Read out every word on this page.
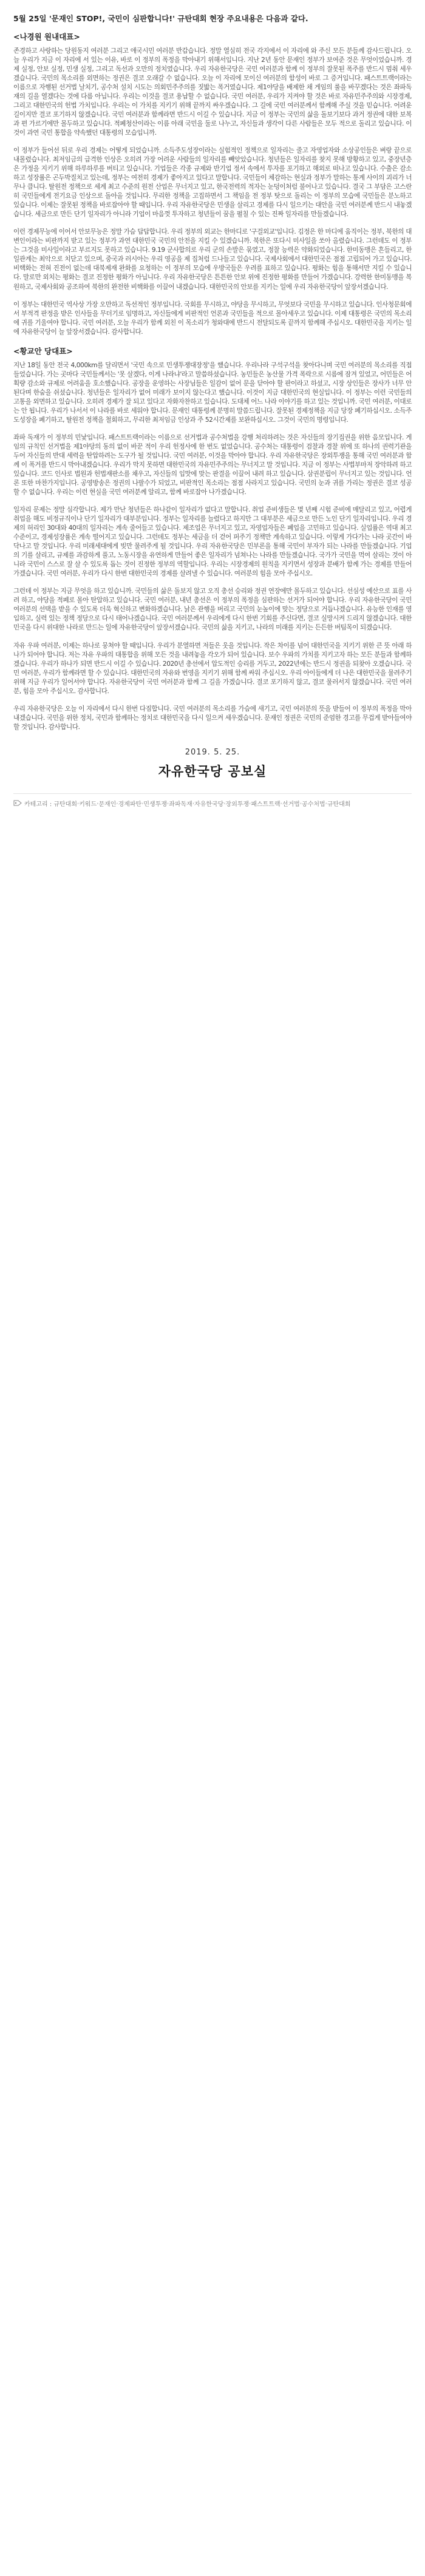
5월 25일 '문재인 STOP!, 국민이 심판합니다!' 규탄대회 현장 주요내용은 다음과 같다.

<나경원 원내대표>

존경하고 사랑하는 당원동지 여러분 그리고 애국시민 여러분 반갑습니다. 정말 열심히 전국 각지에서 이 자리에 와 주신 모든 분들께 감사드립니다. 오늘 우리가 지금 이 자리에 서 있는 이유, 바로 이 정부의 폭정을 막아내기 위해서입니다. 지난 2년 동안 문재인 정부가 보여준 것은 무엇이었습니까. 경제 실정, 안보 실정, 민생 실정, 그리고 독선과 오만의 정치였습니다. 우리 자유한국당은 국민 여러분과 함께 이 정부의 잘못된 폭주를 반드시 멈춰 세우겠습니다. 국민의 목소리를 외면하는 정권은 결코 오래갈 수 없습니다. 오늘 이 자리에 모이신 여러분의 함성이 바로 그 증거입니다. 패스트트랙이라는 이름으로 자행된 선거법 날치기, 공수처 설치 시도는 의회민주주의를 짓밟는 폭거였습니다. 제1야당을 배제한 채 게임의 룰을 바꾸겠다는 것은 좌파독재의 길을 열겠다는 것에 다름 아닙니다. 우리는 이것을 결코 용납할 수 없습니다. 국민 여러분, 우리가 지켜야 할 것은 바로 자유민주주의와 시장경제, 그리고 대한민국의 헌법 가치입니다. 우리는 이 가치를 지키기 위해 끝까지 싸우겠습니다. 그 길에 국민 여러분께서 함께해 주실 것을 믿습니다. 어려운 길이지만 결코 포기하지 않겠습니다. 국민 여러분과 함께라면 반드시 이길 수 있습니다. 지금 이 정부는 국민의 삶을 돌보기보다 과거 정권에 대한 보복과 편 가르기에만 몰두하고 있습니다. 적폐청산이라는 이름 아래 국민을 둘로 나누고, 자신들과 생각이 다른 사람들은 모두 적으로 돌리고 있습니다. 이것이 과연 국민 통합을 약속했던 대통령의 모습입니까.

이 정부가 들어선 뒤로 우리 경제는 어떻게 되었습니까. 소득주도성장이라는 실험적인 정책으로 일자리는 줄고 자영업자와 소상공인들은 벼랑 끝으로 내몰렸습니다. 최저임금의 급격한 인상은 오히려 가장 어려운 사람들의 일자리를 빼앗았습니다. 청년들은 일자리를 찾지 못해 방황하고 있고, 중장년층은 가정을 지키기 위해 하루하루를 버티고 있습니다. 기업들은 각종 규제와 반기업 정서 속에서 투자를 포기하고 해외로 떠나고 있습니다. 수출은 감소하고 성장률은 곤두박질치고 있는데, 정부는 여전히 경제가 좋아지고 있다고 말합니다. 국민들이 체감하는 현실과 정부가 말하는 통계 사이의 괴리가 너무나 큽니다. 탈원전 정책으로 세계 최고 수준의 원전 산업은 무너지고 있고, 한국전력의 적자는 눈덩이처럼 불어나고 있습니다. 결국 그 부담은 고스란히 국민들에게 전기요금 인상으로 돌아올 것입니다. 무리한 정책을 고집하면서 그 책임을 전 정부 탓으로 돌리는 이 정부의 모습에 국민들은 분노하고 있습니다. 이제는 잘못된 정책을 바로잡아야 할 때입니다. 우리 자유한국당은 민생을 살리고 경제를 다시 일으키는 대안을 국민 여러분께 반드시 내놓겠습니다. 세금으로 만든 단기 일자리가 아니라 기업이 마음껏 투자하고 청년들이 꿈을 펼칠 수 있는 진짜 일자리를 만들겠습니다.

이런 경제무능에 이어서 안보무능은 정말 가슴 답답합니다. 우리 정부의 외교는 한마디로 '구걸외교'입니다. 김정은 한 마디에 움직이는 정부, 북한의 대변인이라는 비판까지 받고 있는 정부가 과연 대한민국 국민의 안전을 지킬 수 있겠습니까. 북한은 또다시 미사일을 쏘아 올렸습니다. 그런데도 이 정부는 그것을 미사일이라고 부르지도 못하고 있습니다. 9.19 군사합의로 우리 군의 손발은 묶였고, 정찰 능력은 약화되었습니다. 한미동맹은 흔들리고, 한일관계는 최악으로 치닫고 있으며, 중국과 러시아는 우리 영공을 제 집처럼 드나들고 있습니다. 국제사회에서 대한민국은 점점 고립되어 가고 있습니다. 비핵화는 전혀 진전이 없는데 대북제재 완화를 요청하는 이 정부의 모습에 우방국들은 우려를 표하고 있습니다. 평화는 힘을 통해서만 지킬 수 있습니다. 말로만 외치는 평화는 결코 진정한 평화가 아닙니다. 우리 자유한국당은 튼튼한 안보 위에 진정한 평화를 만들어 가겠습니다. 강력한 한미동맹을 복원하고, 국제사회와 공조하여 북한의 완전한 비핵화를 이끌어 내겠습니다. 대한민국의 안보를 지키는 일에 우리 자유한국당이 앞장서겠습니다.

이 정부는 대한민국 역사상 가장 오만하고 독선적인 정부입니다. 국회를 무시하고, 야당을 무시하고, 무엇보다 국민을 무시하고 있습니다. 인사청문회에서 부적격 판정을 받은 인사들을 무더기로 임명하고, 자신들에게 비판적인 언론과 국민들을 적으로 몰아세우고 있습니다. 이제 대통령은 국민의 목소리에 귀를 기울여야 합니다. 국민 여러분, 오늘 우리가 함께 외친 이 목소리가 청와대에 반드시 전달되도록 끝까지 함께해 주십시오. 대한민국을 지키는 일에 자유한국당이 늘 앞장서겠습니다. 감사합니다.

<황교안 당대표>

지난 18일 동안 전국 4,000km를 달리면서 '국민 속으로 민생투쟁대장정'을 했습니다. 우리나라 구석구석을 찾아다니며 국민 여러분의 목소리를 직접 들었습니다. 가는 곳마다 국민들께서는 '못 살겠다, 이게 나라냐'라고 말씀하셨습니다. 농민들은 농산물 가격 폭락으로 시름에 잠겨 있었고, 어민들은 어획량 감소와 규제로 어려움을 호소했습니다. 공장을 운영하는 사장님들은 일감이 없어 문을 닫아야 할 판이라고 하셨고, 시장 상인들은 장사가 너무 안 된다며 한숨을 쉬셨습니다. 청년들은 일자리가 없어 미래가 보이지 않는다고 했습니다. 이것이 지금 대한민국의 현실입니다. 이 정부는 이런 국민들의 고통을 외면하고 있습니다. 오히려 경제가 잘 되고 있다고 자화자찬하고 있습니다. 도대체 어느 나라 이야기를 하고 있는 것입니까. 국민 여러분, 이대로는 안 됩니다. 우리가 나서서 이 나라를 바로 세워야 합니다. 문재인 대통령께 분명히 말씀드립니다. 잘못된 경제정책을 지금 당장 폐기하십시오. 소득주도성장을 폐기하고, 탈원전 정책을 철회하고, 무리한 최저임금 인상과 주 52시간제를 보완하십시오. 그것이 국민의 명령입니다.

좌파 독재가 이 정부의 민낯입니다. 패스트트랙이라는 이름으로 선거법과 공수처법을 강행 처리하려는 것은 자신들의 장기집권을 위한 음모입니다. 게임의 규칙인 선거법을 제1야당의 동의 없이 바꾼 적이 우리 헌정사에 한 번도 없었습니다. 공수처는 대통령이 검찰과 경찰 위에 또 하나의 권력기관을 두어 자신들의 반대 세력을 탄압하려는 도구가 될 것입니다. 국민 여러분, 이것을 막아야 합니다. 우리 자유한국당은 장외투쟁을 통해 국민 여러분과 함께 이 폭거를 반드시 막아내겠습니다. 우리가 막지 못하면 대한민국의 자유민주주의는 무너지고 말 것입니다. 지금 이 정부는 사법부마저 장악하려 하고 있습니다. 코드 인사로 법원과 헌법재판소를 채우고, 자신들의 입맛에 맞는 판결을 이끌어 내려 하고 있습니다. 삼권분립이 무너지고 있는 것입니다. 언론 또한 마찬가지입니다. 공영방송은 정권의 나팔수가 되었고, 비판적인 목소리는 점점 사라지고 있습니다. 국민의 눈과 귀를 가리는 정권은 결코 성공할 수 없습니다. 우리는 이런 현실을 국민 여러분께 알리고, 함께 바로잡아 나가겠습니다.

일자리 문제는 정말 심각합니다. 제가 만난 청년들은 하나같이 일자리가 없다고 말합니다. 취업 준비생들은 몇 년째 시험 준비에 매달리고 있고, 어렵게 취업을 해도 비정규직이나 단기 일자리가 대부분입니다. 정부는 일자리를 늘렸다고 하지만 그 대부분은 세금으로 만든 노인 단기 일자리입니다. 우리 경제의 허리인 30대와 40대의 일자리는 계속 줄어들고 있습니다. 제조업은 무너지고 있고, 자영업자들은 폐업을 고민하고 있습니다. 실업률은 역대 최고 수준이고, 경제성장률은 계속 떨어지고 있습니다. 그런데도 정부는 세금을 더 걷어 퍼주기 정책만 계속하고 있습니다. 이렇게 가다가는 나라 곳간이 바닥나고 말 것입니다. 우리 미래세대에게 빚만 물려주게 될 것입니다. 우리 자유한국당은 민부론을 통해 국민이 부자가 되는 나라를 만들겠습니다. 기업의 기를 살리고, 규제를 과감하게 풀고, 노동시장을 유연하게 만들어 좋은 일자리가 넘쳐나는 나라를 만들겠습니다. 국가가 국민을 먹여 살리는 것이 아니라 국민이 스스로 잘 살 수 있도록 돕는 것이 진정한 정부의 역할입니다. 우리는 시장경제의 원칙을 지키면서 성장과 분배가 함께 가는 경제를 만들어 가겠습니다. 국민 여러분, 우리가 다시 한번 대한민국의 경제를 살려낼 수 있습니다. 여러분의 힘을 모아 주십시오.

그런데 이 정부는 지금 무엇을 하고 있습니까. 국민들의 삶은 돌보지 않고 오직 총선 승리와 정권 연장에만 몰두하고 있습니다. 선심성 예산으로 표를 사려 하고, 야당을 적폐로 몰아 탄압하고 있습니다. 국민 여러분, 내년 총선은 이 정부의 폭정을 심판하는 선거가 되어야 합니다. 우리 자유한국당이 국민 여러분의 선택을 받을 수 있도록 더욱 혁신하고 변화하겠습니다. 낡은 관행을 버리고 국민의 눈높이에 맞는 정당으로 거듭나겠습니다. 유능한 인재를 영입하고, 실력 있는 정책 정당으로 다시 태어나겠습니다. 국민 여러분께서 우리에게 다시 한번 기회를 주신다면, 결코 실망시켜 드리지 않겠습니다. 대한민국을 다시 위대한 나라로 만드는 일에 자유한국당이 앞장서겠습니다. 국민의 삶을 지키고, 나라의 미래를 지키는 든든한 버팀목이 되겠습니다.

자유 우파 여러분, 이제는 하나로 뭉쳐야 할 때입니다. 우리가 분열하면 저들은 웃을 것입니다. 작은 차이를 넘어 대한민국을 지키기 위한 큰 뜻 아래 하나가 되어야 합니다. 저는 자유 우파의 대통합을 위해 모든 것을 내려놓을 각오가 되어 있습니다. 보수 우파의 가치를 지키고자 하는 모든 분들과 함께하겠습니다. 우리가 하나가 되면 반드시 이길 수 있습니다. 2020년 총선에서 압도적인 승리를 거두고, 2022년에는 반드시 정권을 되찾아 오겠습니다. 국민 여러분, 우리가 함께라면 할 수 있습니다. 대한민국의 자유와 번영을 지키기 위해 함께 싸워 주십시오. 우리 아이들에게 더 나은 대한민국을 물려주기 위해 지금 우리가 일어서야 합니다. 자유한국당이 국민 여러분과 함께 그 길을 가겠습니다. 결코 포기하지 않고, 결코 물러서지 않겠습니다. 국민 여러분, 힘을 모아 주십시오. 감사합니다.

우리 자유한국당은 오늘 이 자리에서 다시 한번 다짐합니다. 국민 여러분의 목소리를 가슴에 새기고, 국민 여러분의 뜻을 받들어 이 정부의 폭정을 막아내겠습니다. 국민을 위한 정치, 국민과 함께하는 정치로 대한민국을 다시 일으켜 세우겠습니다. 문재인 정권은 국민의 준엄한 경고를 무겁게 받아들여야 할 것입니다. 감사합니다.

2019. 5. 25.
자유한국당 공보실
카테고리 : 규탄대회 , 키워드 , 문재인 , 경제파탄 , 민생투쟁 , 좌파독재 , 자유한국당 , 장외투쟁 , 패스트트랙 , 선거법 , 공수처법 , 규탄대회
